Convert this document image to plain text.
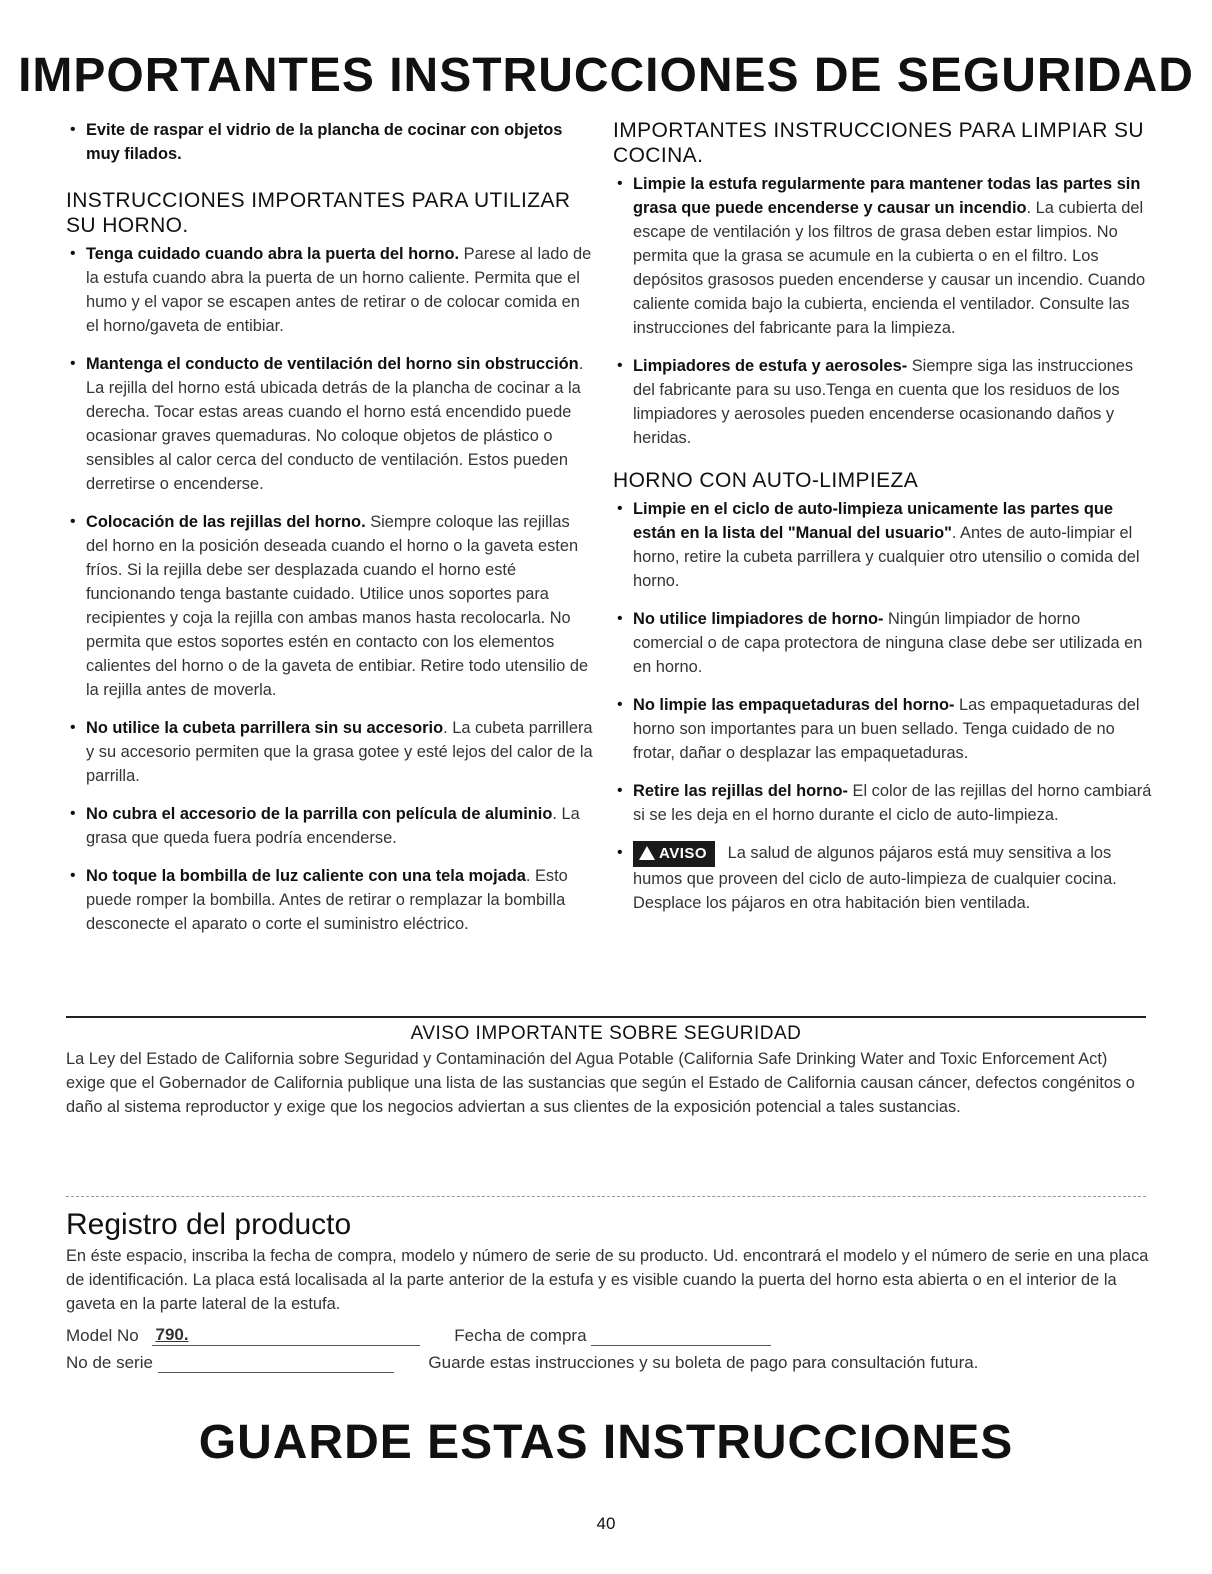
IMPORTANTES INSTRUCCIONES DE SEGURIDAD
• Evite de raspar el vidrio de la plancha de cocinar con objetos muy filados.
INSTRUCCIONES IMPORTANTES PARA UTILIZAR SU HORNO.
• Tenga cuidado cuando abra la puerta del horno. Parese al lado de la estufa cuando abra la puerta de un horno caliente. Permita que el humo y el vapor se escapen antes de retirar o de colocar comida en el horno/gaveta de entibiar.
• Mantenga el conducto de ventilación del horno sin obstrucción. La rejilla del horno está ubicada detrás de la plancha de cocinar a la derecha. Tocar estas areas cuando el horno está encendido puede ocasionar graves quemaduras. No coloque objetos de plástico o sensibles al calor cerca del conducto de ventilación. Estos pueden derretirse o encenderse.
• Colocación de las rejillas del horno. Siempre coloque las rejillas del horno en la posición deseada cuando el horno o la gaveta esten fríos. Si la rejilla debe ser desplazada cuando el horno esté funcionando tenga bastante cuidado. Utilice unos soportes para recipientes y coja la rejilla con ambas manos hasta recolocarla. No permita que estos soportes estén en contacto con los elementos calientes del horno o de la gaveta de entibiar. Retire todo utensilio de la rejilla antes de moverla.
• No utilice la cubeta parrillera sin su accesorio. La cubeta parrillera y su accesorio permiten que la grasa gotee y esté lejos del calor de la parrilla.
• No cubra el accesorio de la parrilla con película de aluminio. La grasa que queda fuera podría encenderse.
• No toque la bombilla de luz caliente con una tela mojada. Esto puede romper la bombilla. Antes de retirar o remplazar la bombilla desconecte el aparato o corte el suministro eléctrico.
IMPORTANTES INSTRUCCIONES PARA LIMPIAR SU COCINA.
• Limpie la estufa regularmente para mantener todas las partes sin grasa que puede encenderse y causar un incendio. La cubierta del escape de ventilación y los filtros de grasa deben estar limpios. No permita que la grasa se acumule en la cubierta o en el filtro. Los depósitos grasosos pueden encenderse y causar un incendio. Cuando caliente comida bajo la cubierta, encienda el ventilador. Consulte las instrucciones del fabricante para la limpieza.
• Limpiadores de estufa y aerosoles- Siempre siga las instrucciones del fabricante para su uso.Tenga en cuenta que los residuos de los limpiadores y aerosoles pueden encenderse ocasionando daños y heridas.
HORNO CON AUTO-LIMPIEZA
• Limpie en el ciclo de auto-limpieza unicamente las partes que están en la lista del "Manual del usuario". Antes de auto-limpiar el horno, retire la cubeta parrillera y cualquier otro utensilio o comida del horno.
• No utilice limpiadores de horno- Ningún limpiador de horno comercial o de capa protectora de ninguna clase debe ser utilizada en en horno.
• No limpie las empaquetaduras del horno- Las empaquetaduras del horno son importantes para un buen sellado. Tenga cuidado de no frotar, dañar o desplazar las empaquetaduras.
• Retire las rejillas del horno- El color de las rejillas del horno cambiará si se les deja en el horno durante el ciclo de auto-limpieza.
• AVISO La salud de algunos pájaros está muy sensitiva a los humos que proveen del ciclo de auto-limpieza de cualquier cocina. Desplace los pájaros en otra habitación bien ventilada.
AVISO IMPORTANTE SOBRE SEGURIDAD
La Ley del Estado de California sobre Seguridad y Contaminación del Agua Potable (California Safe Drinking Water and Toxic Enforcement Act) exige que el Gobernador de California publique una lista de las sustancias que según el Estado de California causan cáncer, defectos congénitos o daño al sistema reproductor y exige que los negocios adviertan a sus clientes de la exposición potencial a tales sustancias.
Registro del producto
En éste espacio, inscriba la fecha de compra, modelo y número de serie de su producto. Ud. encontrará el modelo y el número de serie en una placa de identificación. La placa está localisada al la parte anterior de la estufa y es visible cuando la puerta del horno esta abierta o en el interior de la gaveta en la parte lateral de la estufa.
Model No 790.	Fecha de compra
No de serie	Guarde estas instrucciones y su boleta de pago para consultación futura.
GUARDE ESTAS INSTRUCCIONES
40
